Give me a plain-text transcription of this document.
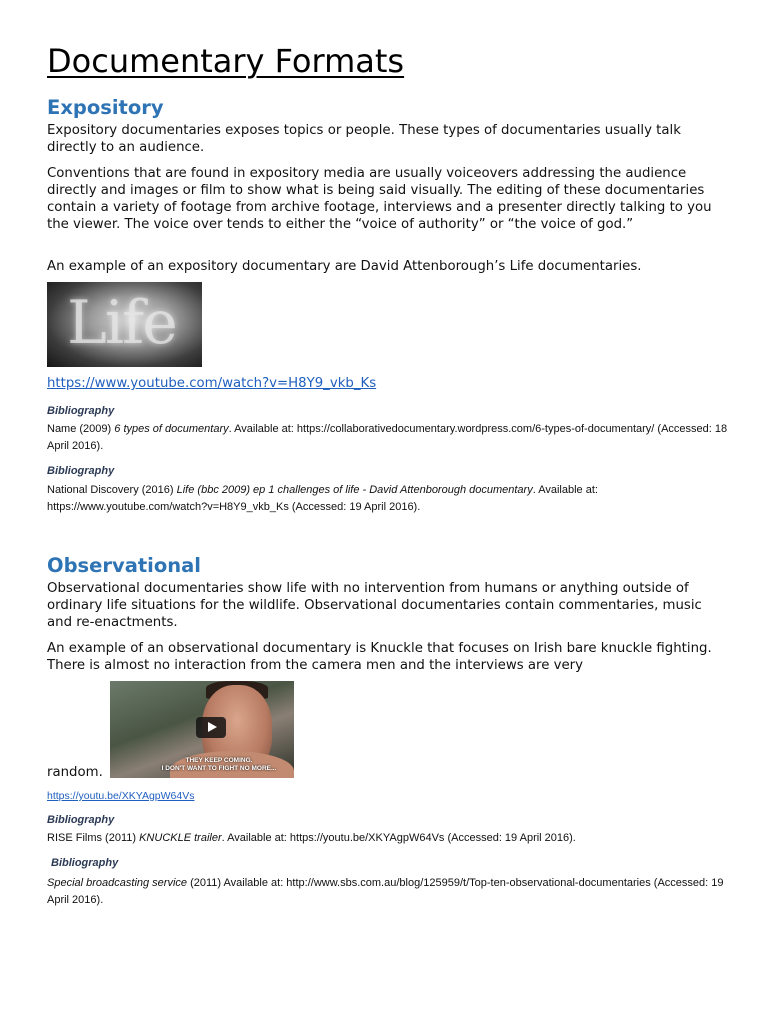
Documentary Formats
Expository

Expository documentaries exposes topics or people. These types of documentaries usually talk directly to an audience.

Conventions that are found in expository media are usually voiceovers addressing the audience directly and images or film to show what is being said visually. The editing of these documentaries contain a variety of footage from archive footage, interviews and a presenter directly talking to you the viewer. The voice over tends to either the “voice of authority” or “the voice of god.”

An example of an expository documentary are David Attenborough’s Life documentaries.

Life
https://www.youtube.com/watch?v=H8Y9_vkb_Ks

Bibliography

Name (2009) 6 types of documentary. Available at: https://collaborativedocumentary.wordpress.com/6-types-of-documentary/ (Accessed: 18 April 2016).

Bibliography

National Discovery (2016) Life (bbc 2009) ep 1 challenges of life - David Attenborough documentary. Available at: https://www.youtube.com/watch?v=H8Y9_vkb_Ks (Accessed: 19 April 2016).

Observational

Observational documentaries show life with no intervention from humans or anything outside of ordinary life situations for the wildlife. Observational documentaries contain commentaries, music and re-enactments.

An example of an observational documentary is Knuckle that focuses on Irish bare knuckle fighting. There is almost no interaction from the camera men and the interviews are very

THEY KEEP COMING.
I DON'T WANT TO FIGHT NO MORE...

random.

https://youtu.be/XKYAgpW64Vs

Bibliography

RISE Films (2011) KNUCKLE trailer. Available at: https://youtu.be/XKYAgpW64Vs (Accessed: 19 April 2016).

Bibliography

Special broadcasting service (2011) Available at: http://www.sbs.com.au/blog/125959/t/Top-ten-observational-documentaries (Accessed: 19 April 2016).
